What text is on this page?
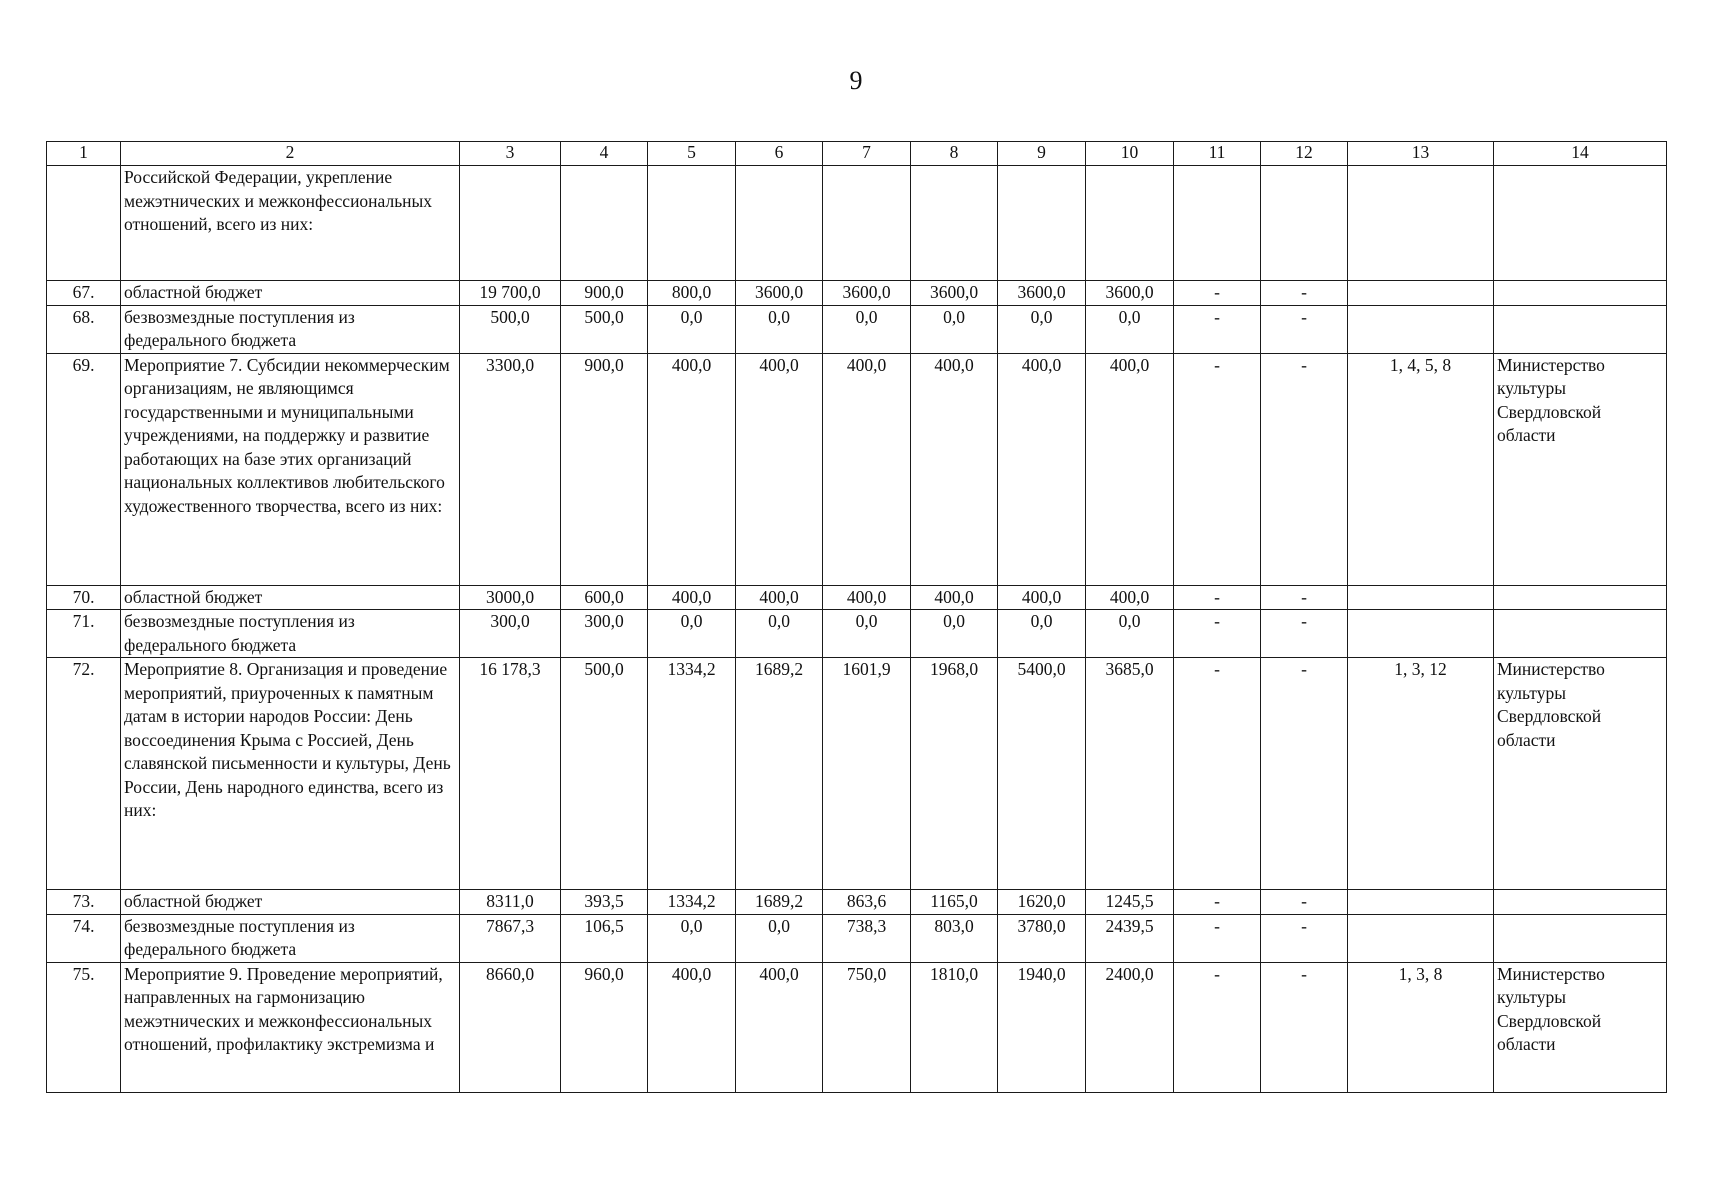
9
1	2	3	4	5	6	7	8	9	10	11	12	13	14
	Российской Федерации, укрепление межэтнических и межконфессиональных отношений, всего из них:												
67.	областной бюджет	19 700,0	900,0	800,0	3600,0	3600,0	3600,0	3600,0	3600,0	-	-		
68.	безвозмездные поступления из федерального бюджета	500,0	500,0	0,0	0,0	0,0	0,0	0,0	0,0	-	-		
69.	Мероприятие 7. Субсидии некоммерческим организациям, не являющимся государственными и муниципальными учреждениями, на поддержку и развитие работающих на базе этих организаций национальных коллективов любительского художественного творчества, всего из них:	3300,0	900,0	400,0	400,0	400,0	400,0	400,0	400,0	-	-	1, 4, 5, 8	Министерство культуры Свердловской области
70.	областной бюджет	3000,0	600,0	400,0	400,0	400,0	400,0	400,0	400,0	-	-		
71.	безвозмездные поступления из федерального бюджета	300,0	300,0	0,0	0,0	0,0	0,0	0,0	0,0	-	-		
72.	Мероприятие 8. Организация и проведение мероприятий, приуроченных к памятным датам в истории народов России: День воссоединения Крыма с Россией, День славянской письменности и культуры, День России, День народного единства, всего из них:	16 178,3	500,0	1334,2	1689,2	1601,9	1968,0	5400,0	3685,0	-	-	1, 3, 12	Министерство культуры Свердловской области
73.	областной бюджет	8311,0	393,5	1334,2	1689,2	863,6	1165,0	1620,0	1245,5	-	-		
74.	безвозмездные поступления из федерального бюджета	7867,3	106,5	0,0	0,0	738,3	803,0	3780,0	2439,5	-	-		
75.	Мероприятие 9. Проведение мероприятий, направленных на гармонизацию межэтнических и межконфессиональных отношений, профилактику экстремизма и	8660,0	960,0	400,0	400,0	750,0	1810,0	1940,0	2400,0	-	-	1, 3, 8	Министерство культуры Свердловской области
